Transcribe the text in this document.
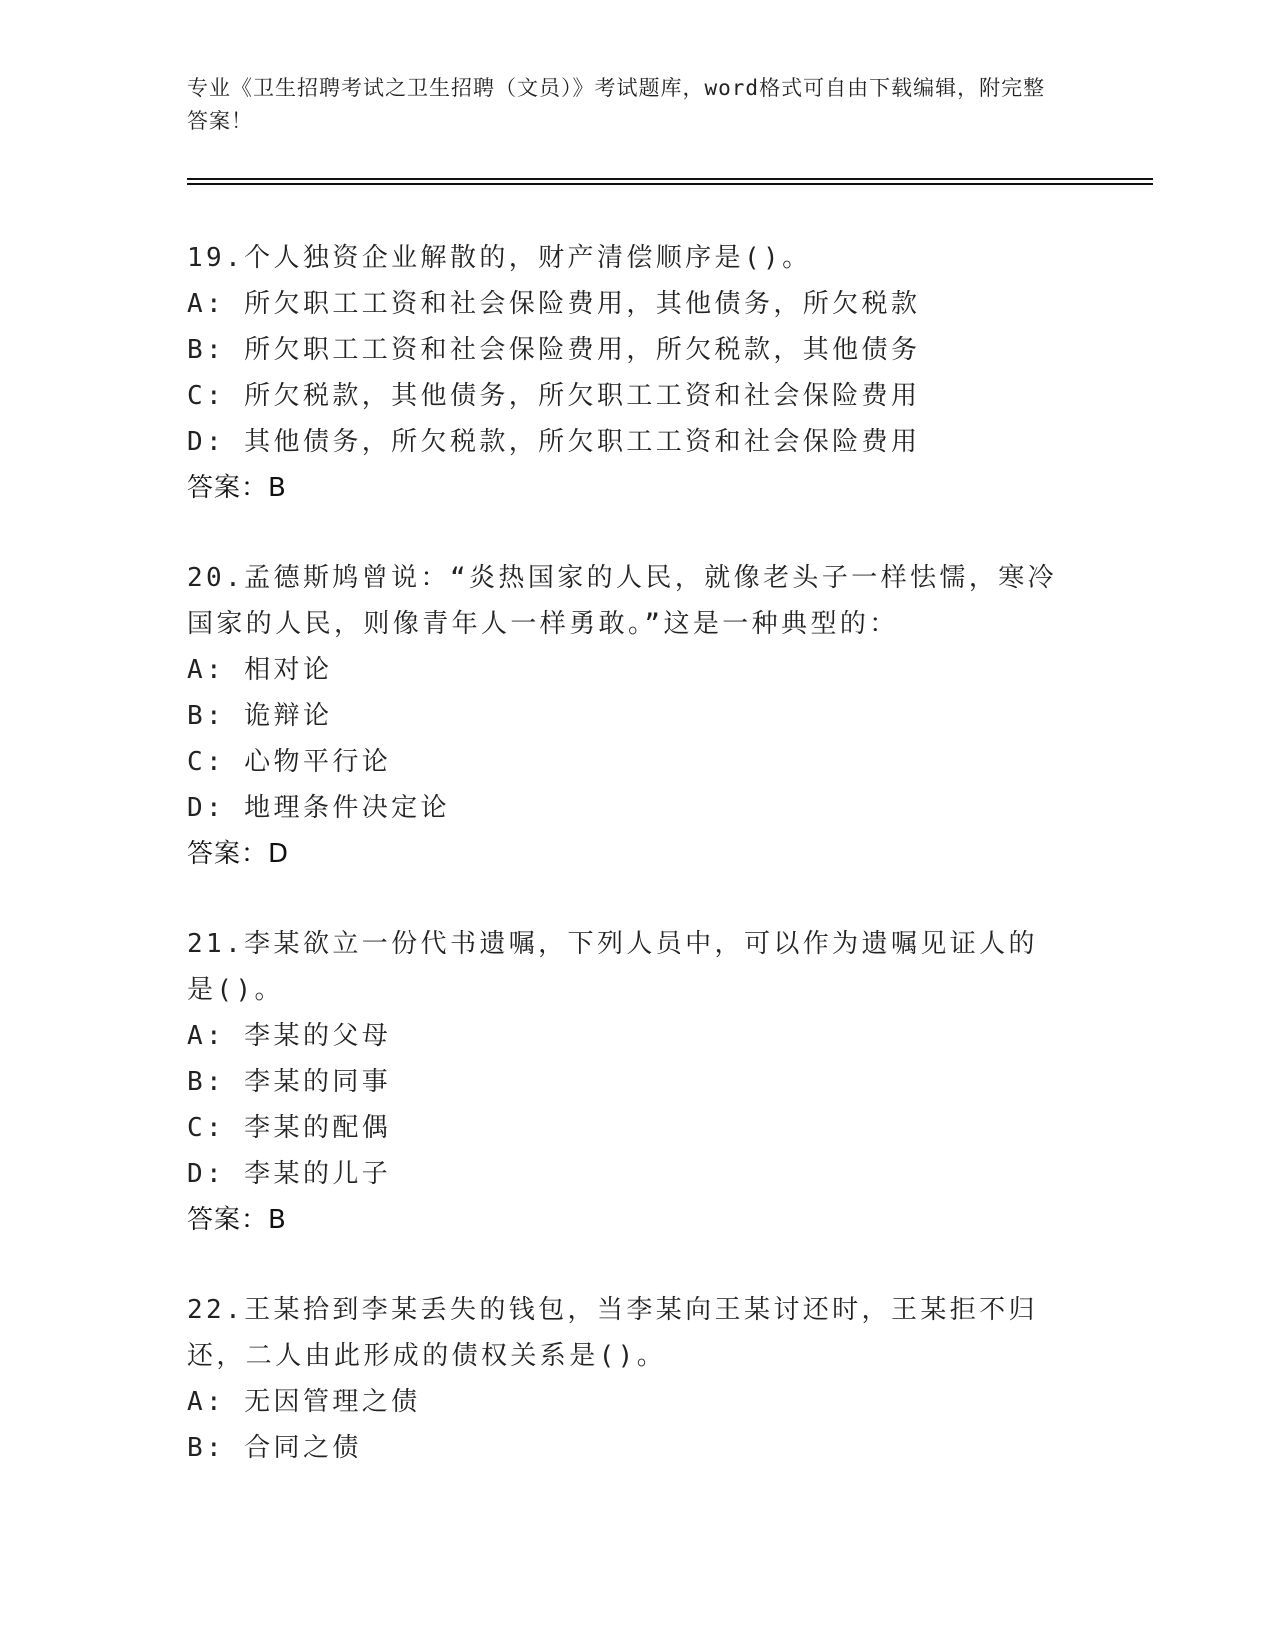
专业《卫生招聘考试之卫生招聘（文员）》考试题库，word格式可自由下载编辑，附完整答案！
19.个人独资企业解散的，财产清偿顺序是()。
A: 所欠职工工资和社会保险费用，其他债务，所欠税款
B: 所欠职工工资和社会保险费用，所欠税款，其他债务
C: 所欠税款，其他债务，所欠职工工资和社会保险费用
D: 其他债务，所欠税款，所欠职工工资和社会保险费用
答案：B
20.孟德斯鸠曾说：“炎热国家的人民，就像老头子一样怯懦，寒冷国家的人民，则像青年人一样勇敢。”这是一种典型的：
A: 相对论
B: 诡辩论
C: 心物平行论
D: 地理条件决定论
答案：D
21.李某欲立一份代书遗嘱，下列人员中，可以作为遗嘱见证人的是()。
A: 李某的父母
B: 李某的同事
C: 李某的配偶
D: 李某的儿子
答案：B
22.王某拾到李某丢失的钱包，当李某向王某讨还时，王某拒不归还，二人由此形成的债权关系是()。
A: 无因管理之债
B: 合同之债
